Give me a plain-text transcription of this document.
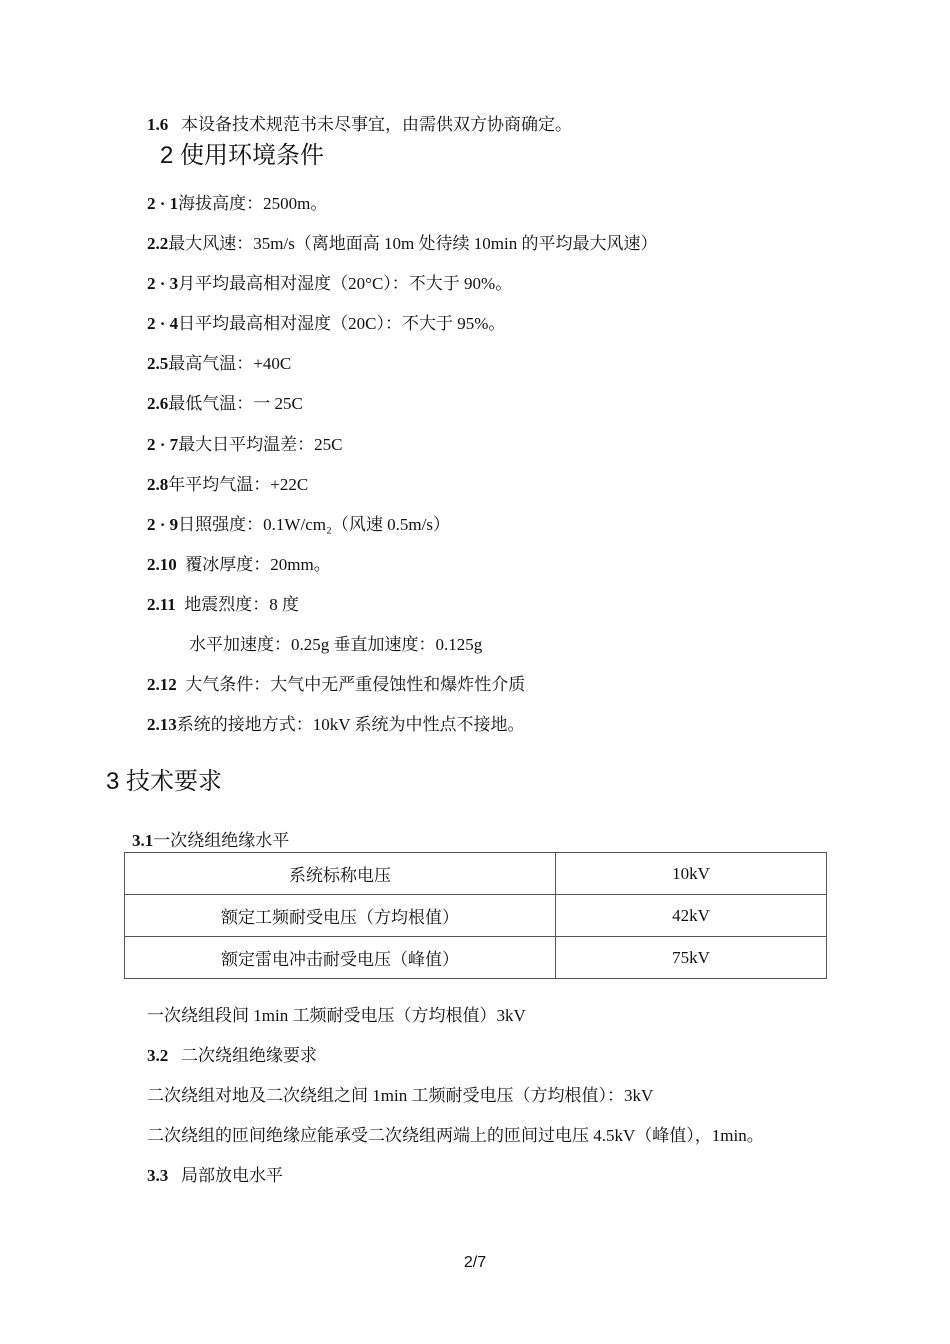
1.6 本设备技术规范书未尽事宜，由需供双方协商确定。
2 使用环境条件
2 · 1海拔高度：2500m。
2.2最大风速：35m/s（离地面高 10m 处待续 10min 的平均最大风速）
2 · 3月平均最高相对湿度（20°C）：不大于 90%。
2 · 4日平均最高相对湿度（20C）：不大于 95%。
2.5最高气温：+40C
2.6最低气温：一 25C
2 · 7最大日平均温差：25C
2.8年平均气温：+22C
2 · 9日照强度：0.1W/cm₂（风速 0.5m/s）
2.10 覆冰厚度：20mm。
2.11 地震烈度：8 度
水平加速度：0.25g 垂直加速度：0.125g
2.12 大气条件：大气中无严重侵蚀性和爆炸性介质
2.13系统的接地方式：10kV 系统为中性点不接地。
3 技术要求
3.1一次绕组绝缘水平
系统标称电压	10kV
额定工频耐受电压（方均根值）	42kV
额定雷电冲击耐受电压（峰值）	75kV
一次绕组段间 1min 工频耐受电压（方均根值）3kV
3.2 二次绕组绝缘要求
二次绕组对地及二次绕组之间 1min 工频耐受电压（方均根值）：3kV
二次绕组的匝间绝缘应能承受二次绕组两端上的匝间过电压 4.5kV（峰值），1min。
3.3 局部放电水平
2/7
